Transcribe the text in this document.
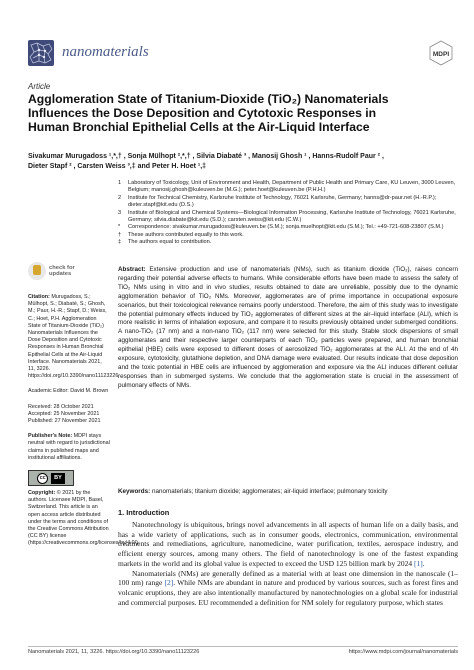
nanomaterials	MDPI
Article
Agglomeration State of Titanium-Dioxide (TiO₂) Nanomaterials
Influences the Dose Deposition and Cytotoxic Responses in
Human Bronchial Epithelial Cells at the Air-Liquid Interface
Sivakumar Murugadoss ¹,*,† , Sonja Mülhopt ²,*,† , Silvia Diabaté ³ , Manosij Ghosh ¹ , Hanns-Rudolf Paur ² ,
Dieter Stapf ² , Carsten Weiss ³,‡ and Peter H. Hoet ¹,‡
1	Laboratory of Toxicology, Unit of Environment and Health, Department of Public Health and Primary Care, KU Leuven, 3000 Leuven, Belgium; manosij.ghosh@kuleuven.be (M.G.); peter.hoet@kuleuven.be (P.H.H.)
2	Institute for Technical Chemistry, Karlsruhe Institute of Technology, 76021 Karlsruhe, Germany; hanns@dr-paur.net (H.-R.P.); dieter.stapf@kit.edu (D.S.)
3	Institute of Biological and Chemical Systems—Biological Information Processing, Karlsruhe Institute of Technology, 76021 Karlsruhe, Germany; silvia.diabate@kit.edu (S.D.); carsten.weiss@kit.edu (C.W.)
*	Correspondence: sivakumar.murugadoss@kuleuven.be (S.M.); sonja.muelhopt@kit.edu (S.M.); Tel.: +49-721-608-23807 (S.M.)
†	These authors contributed equally to this work.
‡	The authors equal to contribution.
check for
updates
Citation: Murugadoss, S.; Mülhopt, S.; Diabaté, S.; Ghosh, M.; Paur, H.-R.; Stapf, D.; Weiss, C.; Hoet, P.H. Agglomeration State of Titanium-Dioxide (TiO₂) Nanomaterials Influences the Dose Deposition and Cytotoxic Responses in Human Bronchial Epithelial Cells at the Air-Liquid Interface. Nanomaterials 2021, 11, 3226. https://doi.org/10.3390/nano11123226
Academic Editor: David M. Brown
Received: 28 October 2021
Accepted: 25 November 2021
Published: 27 November 2021
Publisher's Note: MDPI stays neutral with regard to jurisdictional claims in published maps and institutional affiliations.
cc	BY
Copyright: © 2021 by the authors. Licensee MDPI, Basel, Switzerland. This article is an open access article distributed under the terms and conditions of the Creative Commons Attribution (CC BY) license (https://creativecommons.org/licenses/by/4.0/).
Abstract: Extensive production and use of nanomaterials (NMs), such as titanium dioxide (TiO₂), raises concern regarding their potential adverse effects to humans. While considerable efforts have been made to assess the safety of TiO₂ NMs using in vitro and in vivo studies, results obtained to date are unreliable, possibly due to the dynamic agglomeration behavior of TiO₂ NMs. Moreover, agglomerates are of prime importance in occupational exposure scenarios, but their toxicological relevance remains poorly understood. Therefore, the aim of this study was to investigate the potential pulmonary effects induced by TiO₂ agglomerates of different sizes at the air–liquid interface (ALI), which is more realistic in terms of inhalation exposure, and compare it to results previously obtained under submerged conditions. A nano-TiO₂ (17 nm) and a non-nano TiO₂ (117 nm) were selected for this study. Stable stock dispersions of small agglomerates and their respective larger counterparts of each TiO₂ particles were prepared, and human bronchial epithelial (HBE) cells were exposed to different doses of aerosolized TiO₂ agglomerates at the ALI. At the end of 4h exposure, cytotoxicity, glutathione depletion, and DNA damage were evaluated. Our results indicate that dose deposition and the toxic potential in HBE cells are influenced by agglomeration and exposure via the ALI induces different cellular responses than in submerged systems. We conclude that the agglomeration state is crucial in the assessment of pulmonary effects of NMs.
Keywords: nanomaterials; titanium dioxide; agglomerates; air-liquid interface; pulmonary toxicity
1. Introduction

Nanotechnology is ubiquitous, brings novel advancements in all aspects of human life on a daily basis, and has a wide variety of applications, such as in consumer goods, electronics, communication, environmental treatments and remediations, agriculture, nanomedicine, water purification, textiles, aerospace industry, and efficient energy sources, among many others. The field of nanotechnology is one of the fastest expanding markets in the world and its global value is expected to exceed the USD 125 billion mark by 2024 [1].

Nanomaterials (NMs) are generally defined as a material with at least one dimension in the nanoscale (1–100 nm) range [2]. While NMs are abundant in nature and produced by various sources, such as forest fires and volcanic eruptions, they are also intentionally manufactured by nanotechnologies on a global scale for industrial and commercial purposes. EU recommended a definition for NM solely for regulatory purpose, which states

Nanomaterials 2021, 11, 3226. https://doi.org/10.3390/nano11123226	https://www.mdpi.com/journal/nanomaterials
